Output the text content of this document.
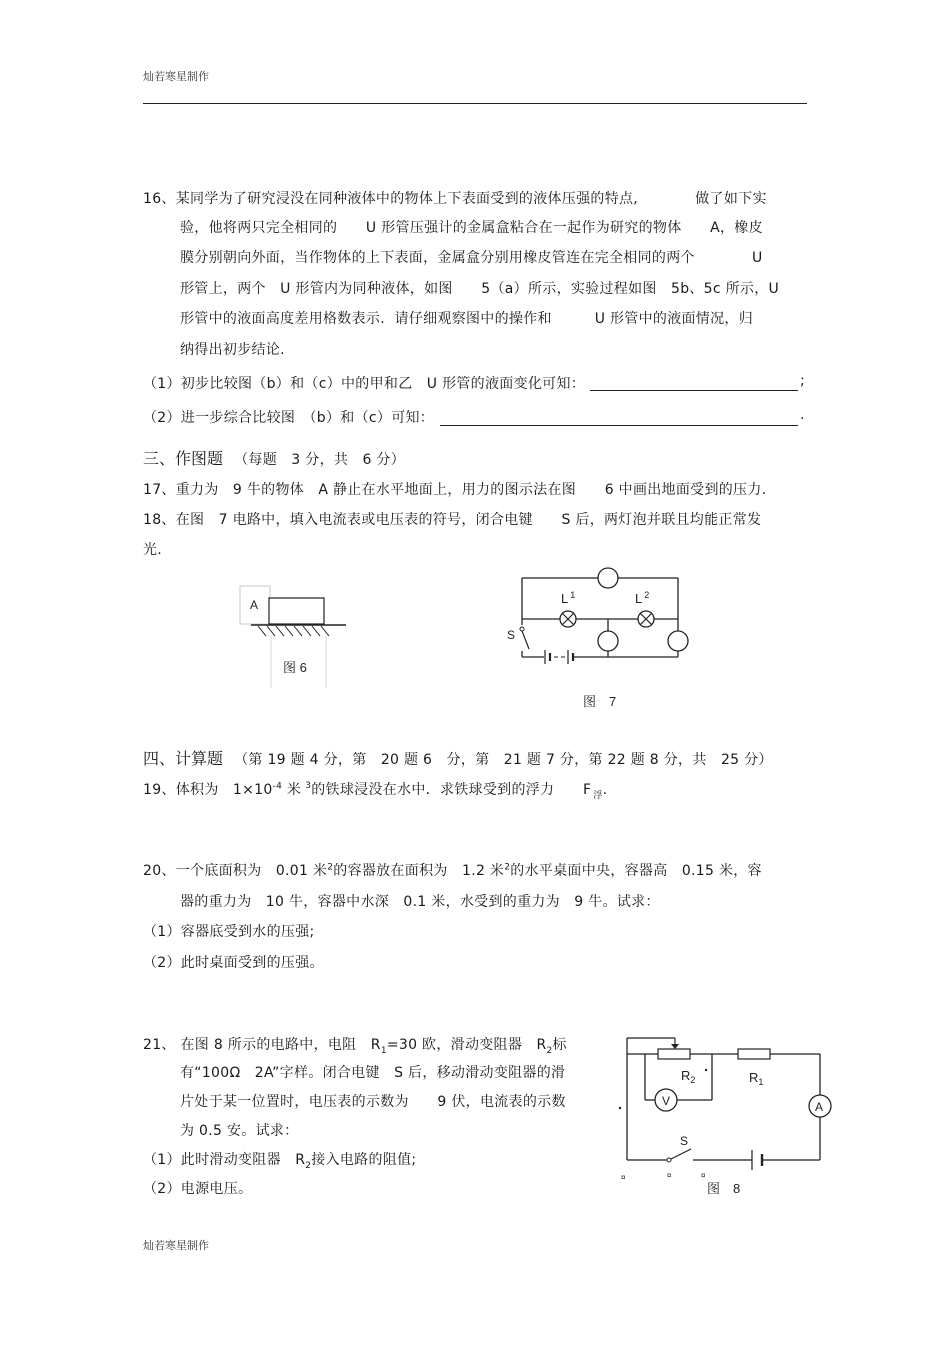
灿若寒星制作
16、某同学为了研究浸没在同种液体中的物体上下表面受到的液体压强的特点,　　　　做了如下实
验，他将两只完全相同的　　U 形管压强计的金属盒粘合在一起作为研究的物体　　A，橡皮
膜分别朝向外面，当作物体的上下表面，金属盒分别用橡皮管连在完全相同的两个　　　　U
形管上，两个　U 形管内为同种液体，如图　　5（a）所示，实验过程如图　5b、5c 所示，U
形管中的液面高度差用格数表示．请仔细观察图中的操作和　　　U 形管中的液面情况，归
纳得出初步结论.
（1）初步比较图（b）和（c）中的甲和乙　U 形管的液面变化可知：	;
（2）进一步综合比较图　（b）和（c）可知：	.
三、作图题 （每题　3 分，共　6 分）
17、重力为　9 牛的物体　A 静止在水平地面上，用力的图示法在图　　6 中画出地面受到的压力.
18、在图　7 电路中，填入电流表或电压表的符号，闭合电键　　S 后，两灯泡并联且均能正常发
光.
A
图 6
L $^1$	L $^2$
S
图　7
四、计算题 （第 19 题 4 分，第　20 题 6　分，第　21 题 7 分，第 22 题 8 分，共　25 分）
19、体积为　$1\times 10^{-4}$ 米 $^3$的铁球浸没在水中．求铁球受到的浮力　　F $_浮$.
20、一个底面积为　0.01 米$^2$的容器放在面积为　1.2 米$^2$的水平桌面中央，容器高　0.15 米，容
器的重力为　10 牛，容器中水深　0.1 米，水受到的重力为　9 牛。试求：
（1）容器底受到水的压强;
（2）此时桌面受到的压强。
21、 在图 8 所示的电路中，电阻　$R_1=30$ 欧，滑动变阻器　$R_2$标
有“100Ω　2A”字样。闭合电键　S 后，移动滑动变阻器的滑
片处于某一位置时，电压表的示数为　　9 伏，电流表的示数
为 0.5 安。试求：
（1）此时滑动变阻器　$R_2$接入电路的阻值;
（2）电源电压。
A
V
$R_2$	$R_1$
S
¤	¤	¤
图　8
灿若寒星制作
